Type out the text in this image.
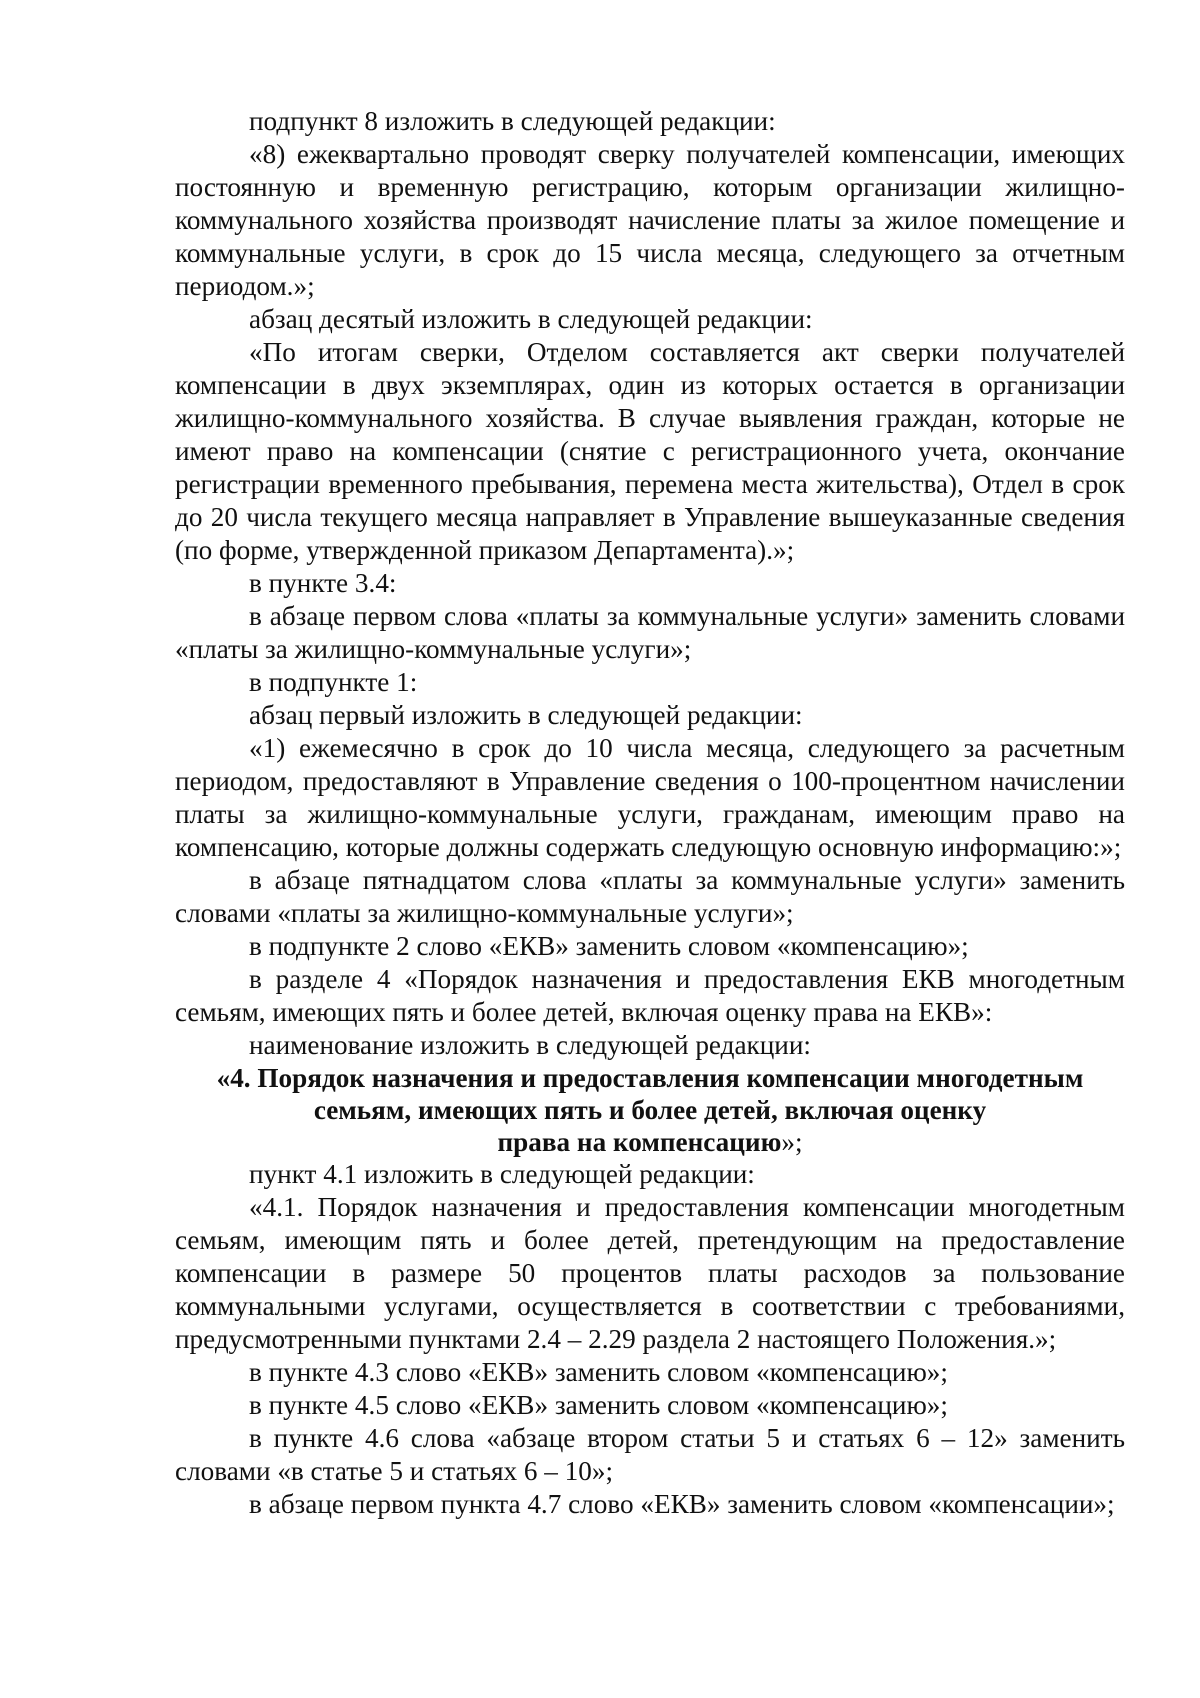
подпункт 8 изложить в следующей редакции:

«8) ежеквартально проводят сверку получателей компенсации, имеющих постоянную и временную регистрацию, которым организации жилищно-коммунального хозяйства производят начисление платы за жилое помещение и коммунальные услуги, в срок до 15 числа месяца, следующего за отчетным периодом.»;

абзац десятый изложить в следующей редакции:

«По итогам сверки, Отделом составляется акт сверки получателей компенсации в двух экземплярах, один из которых остается в организации жилищно-коммунального хозяйства. В случае выявления граждан, которые не имеют право на компенсации (снятие с регистрационного учета, окончание регистрации временного пребывания, перемена места жительства), Отдел в срок до 20 числа текущего месяца направляет в Управление вышеуказанные сведения (по форме, утвержденной приказом Департамента).»;

в пункте 3.4:

в абзаце первом слова «платы за коммунальные услуги» заменить словами «платы за жилищно-коммунальные услуги»;

в подпункте 1:

абзац первый изложить в следующей редакции:

«1) ежемесячно в срок до 10 числа месяца, следующего за расчетным периодом, предоставляют в Управление сведения о 100-процентном начислении платы за жилищно-коммунальные услуги, гражданам, имеющим право на компенсацию, которые должны содержать следующую основную информацию:»;

в абзаце пятнадцатом слова «платы за коммунальные услуги» заменить словами «платы за жилищно-коммунальные услуги»;

в подпункте 2 слово «ЕКВ» заменить словом «компенсацию»;

в разделе 4 «Порядок назначения и предоставления ЕКВ многодетным семьям, имеющих пять и более детей, включая оценку права на ЕКВ»:

наименование изложить в следующей редакции:

«4. Порядок назначения и предоставления компенсации многодетным
семьям, имеющих пять и более детей, включая оценку
права на компенсацию»;

пункт 4.1 изложить в следующей редакции:

«4.1. Порядок назначения и предоставления компенсации многодетным семьям, имеющим пять и более детей, претендующим на предоставление компенсации в размере 50 процентов платы расходов за пользование коммунальными услугами, осуществляется в соответствии с требованиями, предусмотренными пунктами 2.4 – 2.29 раздела 2 настоящего Положения.»;

в пункте 4.3 слово «ЕКВ» заменить словом «компенсацию»;

в пункте 4.5 слово «ЕКВ» заменить словом «компенсацию»;

в пункте 4.6 слова «абзаце втором статьи 5 и статьях 6 – 12» заменить словами «в статье 5 и статьях 6 – 10»;

в абзаце первом пункта 4.7 слово «ЕКВ» заменить словом «компенсации»;
